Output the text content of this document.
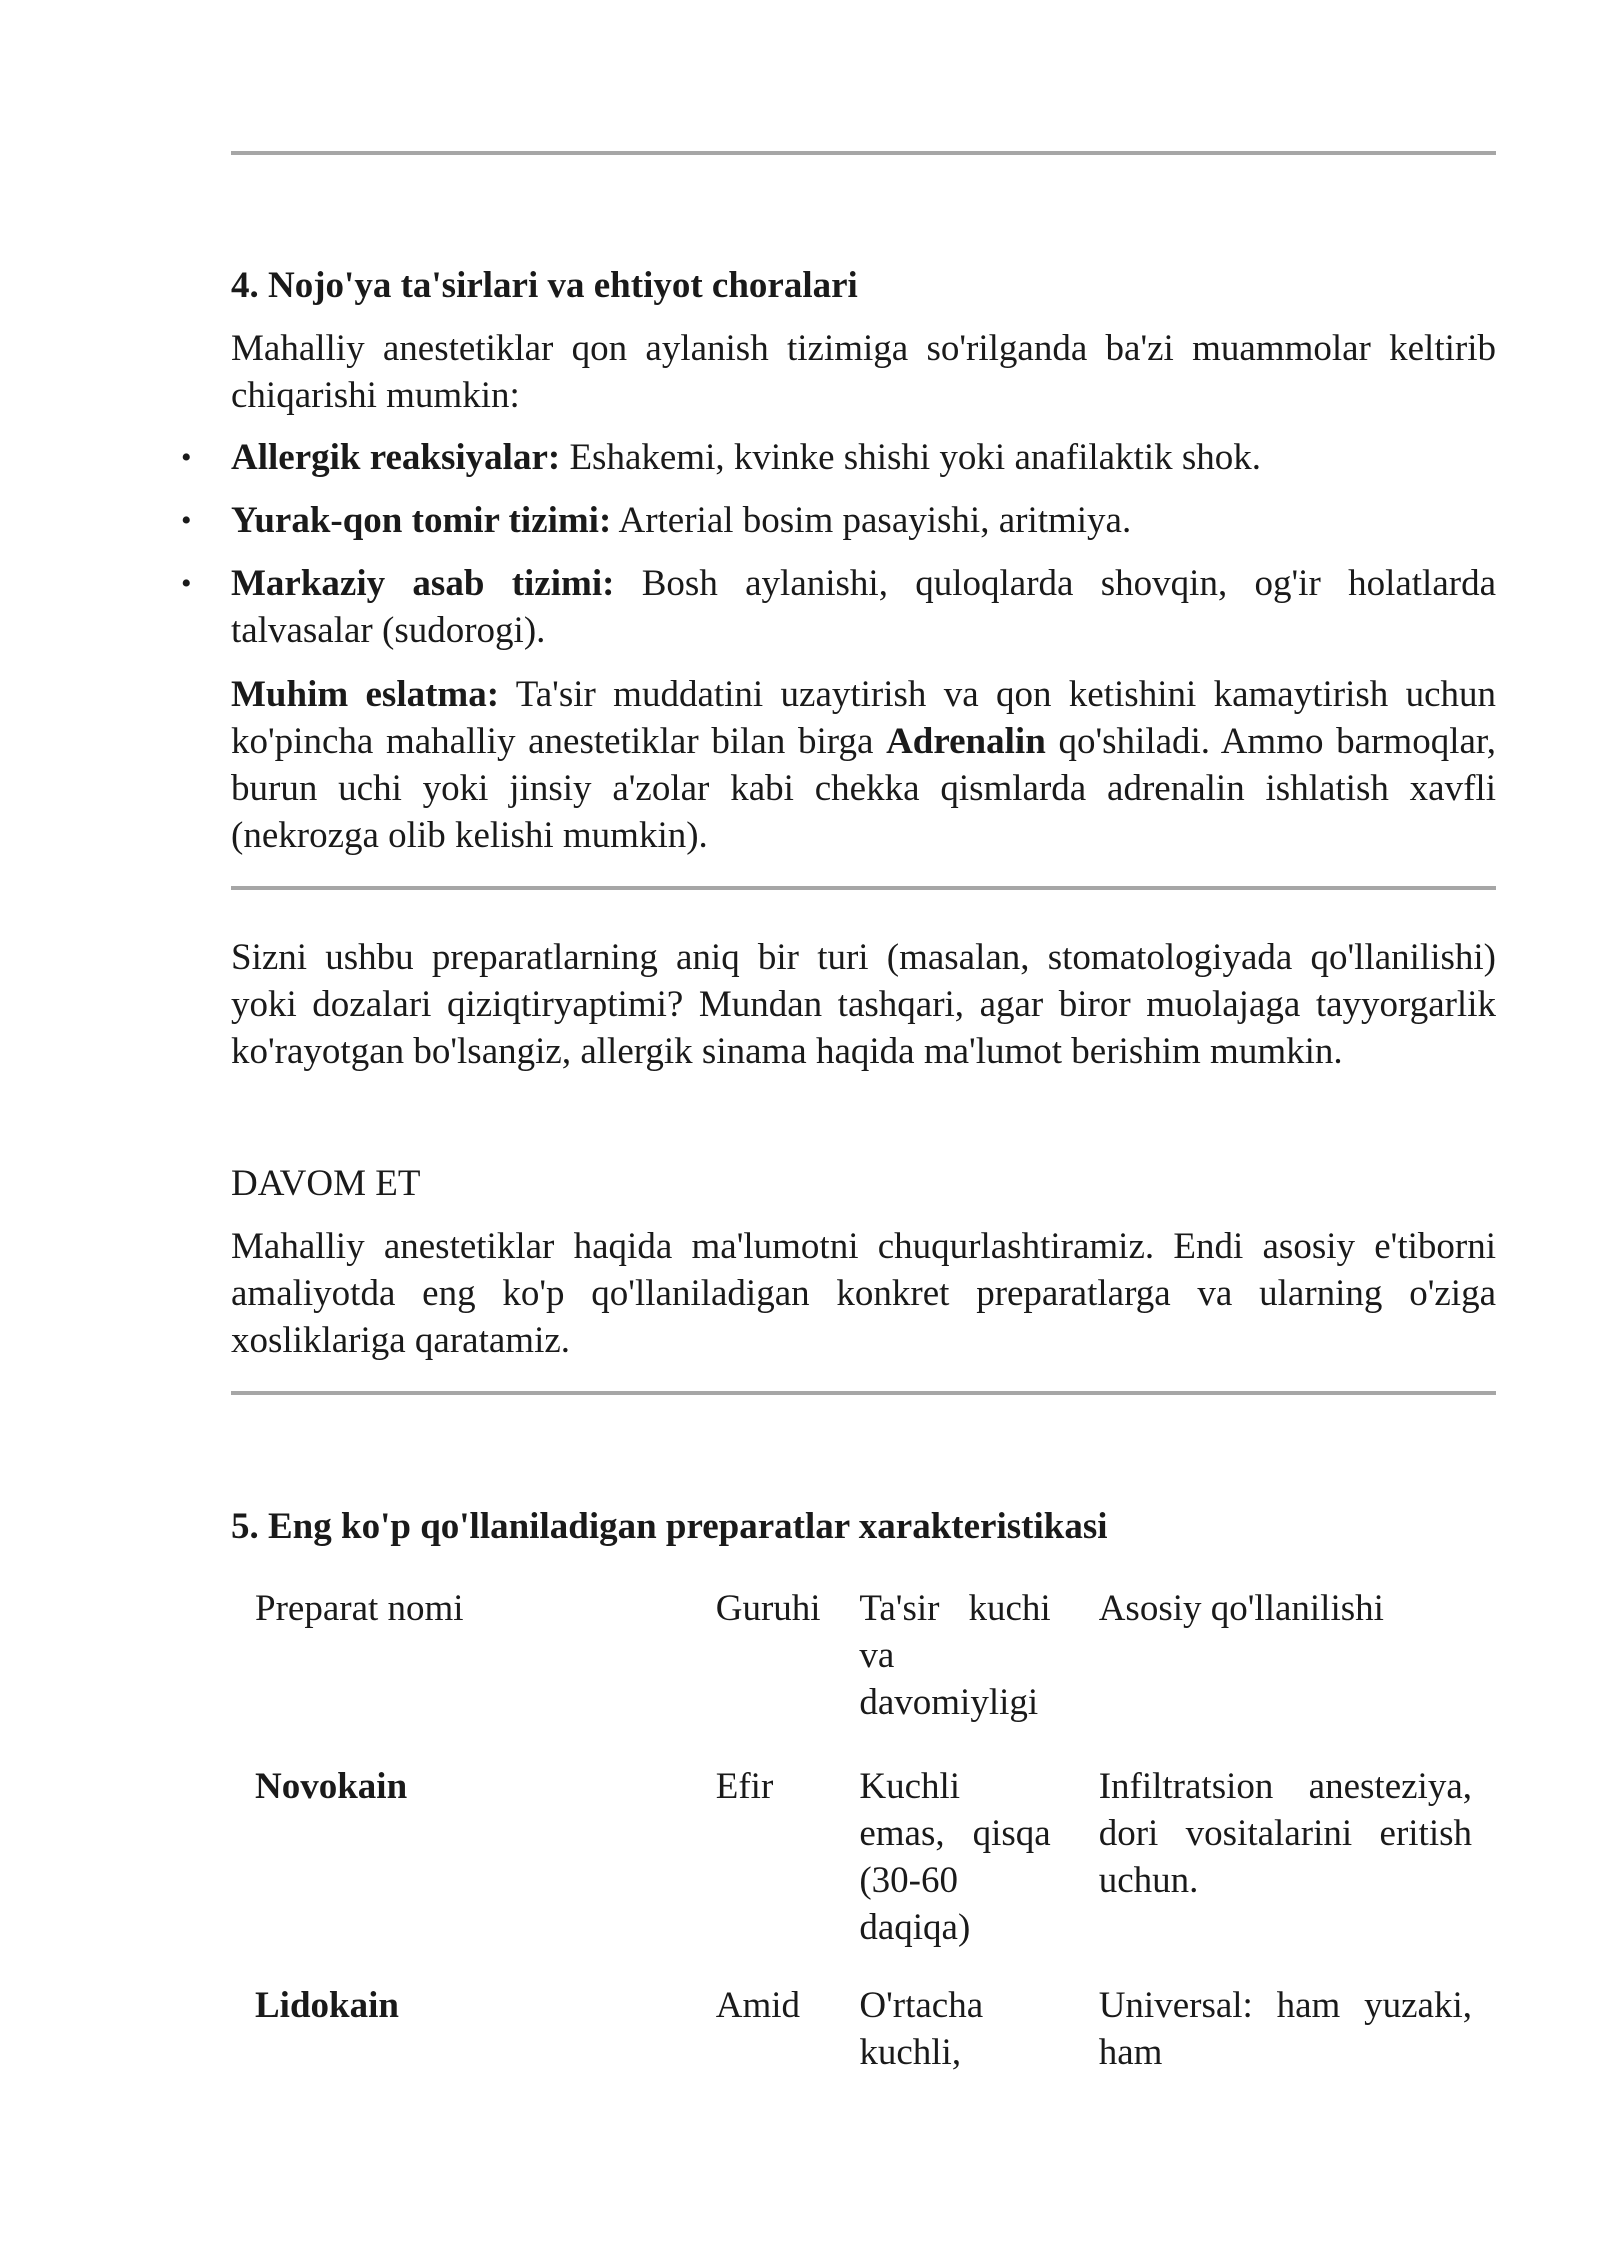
4. Nojo'ya ta'sirlari va ehtiyot choralari
Mahalliy anestetiklar qon aylanish tizimiga so'rilganda ba'zi muammolar keltirib chiqarishi mumkin:
• Allergik reaksiyalar: Eshakemi, kvinke shishi yoki anafilaktik shok.
• Yurak-qon tomir tizimi: Arterial bosim pasayishi, aritmiya.
• Markaziy asab tizimi: Bosh aylanishi, quloqlarda shovqin, og'ir holatlarda talvasalar (sudorogi).
Muhim eslatma: Ta'sir muddatini uzaytirish va qon ketishini kamaytirish uchun ko'pincha mahalliy anestetiklar bilan birga Adrenalin qo'shiladi. Ammo barmoqlar, burun uchi yoki jinsiy a'zolar kabi chekka qismlarda adrenalin ishlatish xavfli (nekrozga olib kelishi mumkin).
Sizni ushbu preparatlarning aniq bir turi (masalan, stomatologiyada qo'llanilishi) yoki dozalari qiziqtiryaptimi? Mundan tashqari, agar biror muolajaga tayyorgarlik ko'rayotgan bo'lsangiz, allergik sinama haqida ma'lumot berishim mumkin.
DAVOM ET
Mahalliy anestetiklar haqida ma'lumotni chuqurlashtiramiz. Endi asosiy e'tiborni amaliyotda eng ko'p qo'llaniladigan konkret preparatlarga va ularning o'ziga xosliklariga qaratamiz.
5. Eng ko'p qo'llaniladigan preparatlar xarakteristikasi
Preparat nomi	Guruhi	Ta'sir kuchi va davomiyligi	Asosiy qo'llanilishi
Novokain	Efir	Kuchli emas, qisqa (30-60 daqiqa)	Infiltratsion anesteziya, dori vositalarini eritish uchun.
Lidokain	Amid	O'rtacha kuchli,	Universal: ham yuzaki, ham
